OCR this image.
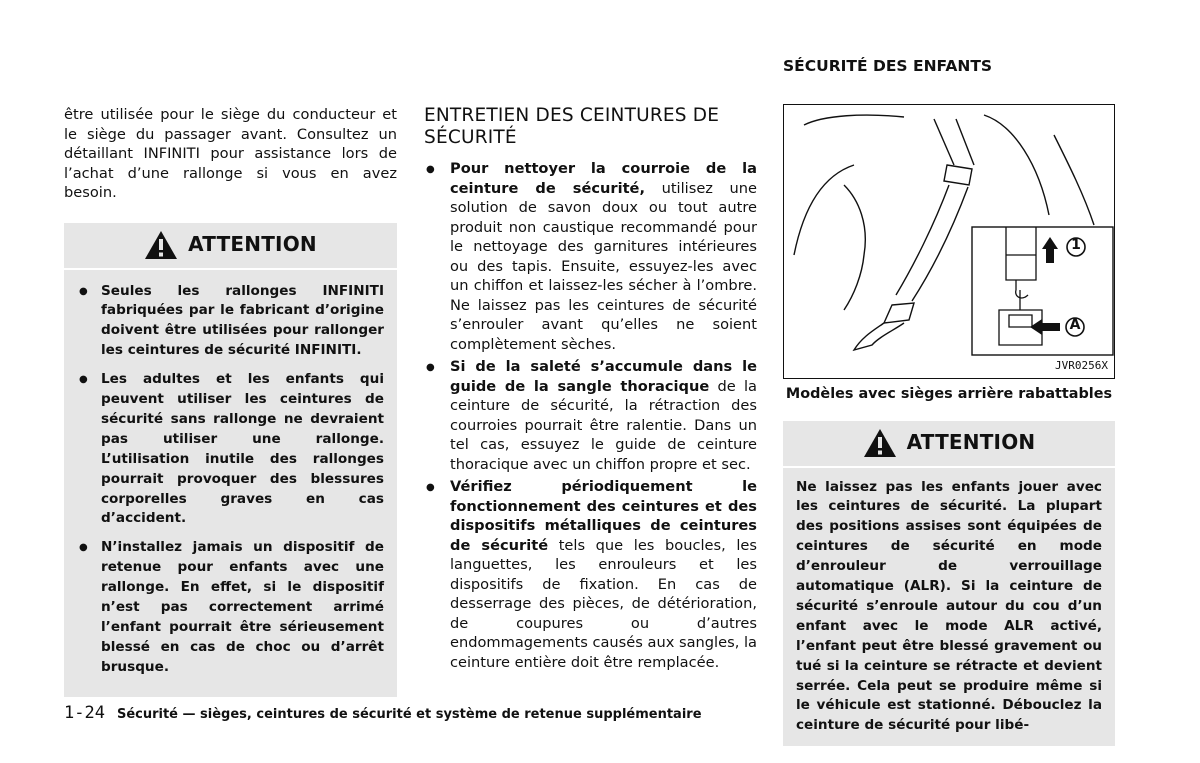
SÉCURITÉ DES ENFANTS

être utilisée pour le siège du conducteur et le siège du passager avant. Consultez un détaillant INFINITI pour assistance lors de l’achat d’une rallonge si vous en avez besoin.

ATTENTION
● Seules les rallonges INFINITI fabriquées par le fabricant d’origine doivent être utilisées pour rallonger les ceintures de sécurité INFINITI.
● Les adultes et les enfants qui peuvent utiliser les ceintures de sécurité sans rallonge ne devraient pas utiliser une rallonge. L’utilisation inutile des rallonges pourrait provoquer des blessures corporelles graves en cas d’accident.
● N’installez jamais un dispositif de retenue pour enfants avec une rallonge. En effet, si le dispositif n’est pas correctement arrimé l’enfant pourrait être sérieusement blessé en cas de choc ou d’arrêt brusque.
ENTRETIEN DES CEINTURES DE SÉCURITÉ
● Pour nettoyer la courroie de la ceinture de sécurité, utilisez une solution de savon doux ou tout autre produit non caustique recommandé pour le nettoyage des garnitures intérieures ou des tapis. Ensuite, essuyez-les avec un chiffon et laissez-les sécher à l’ombre. Ne laissez pas les ceintures de sécurité s’enrouler avant qu’elles ne soient complètement sèches.
● Si de la saleté s’accumule dans le guide de la sangle thoracique de la ceinture de sécurité, la rétraction des courroies pourrait être ralentie. Dans un tel cas, essuyez le guide de ceinture thoracique avec un chiffon propre et sec.
● Vérifiez périodiquement le fonctionnement des ceintures et des dispositifs métalliques de ceintures de sécurité tels que les boucles, les languettes, les enrouleurs et les dispositifs de fixation. En cas de desserrage des pièces, de détérioration, de coupures ou d’autres endommagements causés aux sangles, la ceinture entière doit être remplacée.
1
A
JVR0256X
Modèles avec sièges arrière rabattables
ATTENTION
Ne laissez pas les enfants jouer avec les ceintures de sécurité. La plupart des positions assises sont équipées de ceintures de sécurité en mode d’enrouleur de verrouillage automatique (ALR). Si la ceinture de sécurité s’enroule autour du cou d’un enfant avec le mode ALR activé, l’enfant peut être blessé gravement ou tué si la ceinture se rétracte et devient serrée. Cela peut se produire même si le véhicule est stationné. Débouclez la ceinture de sécurité pour libé-
1-24 Sécurité — sièges, ceintures de sécurité et système de retenue supplémentaire
